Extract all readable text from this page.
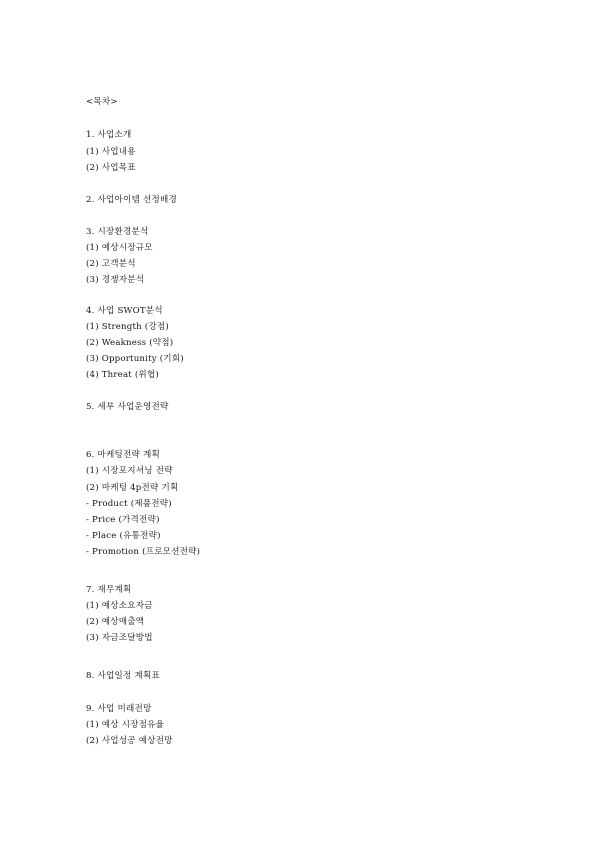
<목차>
1. 사업소개
(1) 사업내용
(2) 사업목표
2. 사업아이템 선정배경
3. 시장환경분석
(1) 예상시장규모
(2) 고객분석
(3) 경쟁자분석
4. 사업 SWOT분석
(1) Strength (강점)
(2) Weakness (약점)
(3) Opportunity (기회)
(4) Threat (위협)
5. 세부 사업운영전략
6. 마케팅전략 계획
(1) 시장포지셔닝 전략
(2) 마케팅 4p전략 기획
- Product (제품전략)
- Price (가격전략)
- Place (유통전략)
- Promotion (프로모션전략)
7. 재무계획
(1) 예상소요자금
(2) 예상매출액
(3) 자금조달방법
8. 사업일정 계획표
9. 사업 미래전망
(1) 예상 시장점유율
(2) 사업성공 예상전망
